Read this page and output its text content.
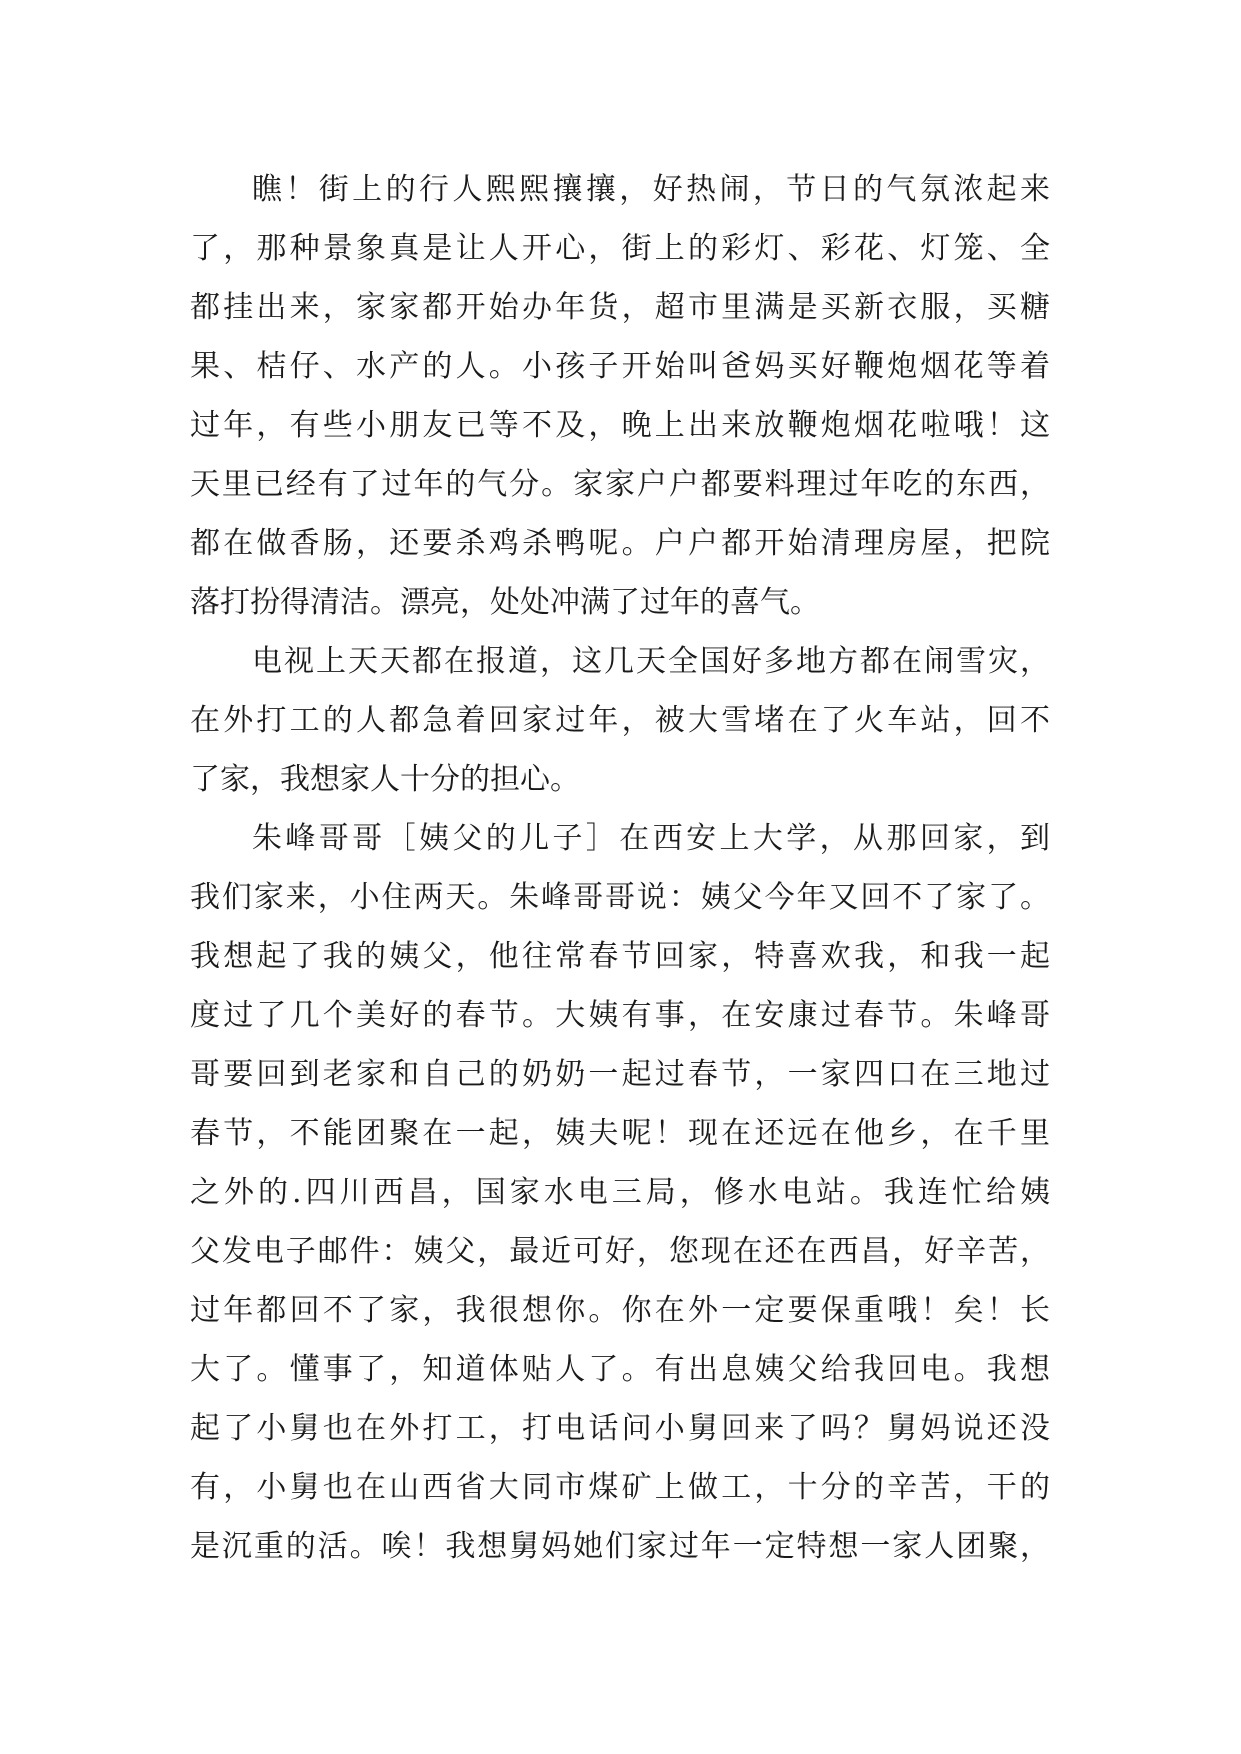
瞧！街上的行人熙熙攘攘，好热闹，节日的气氛浓起来
了，那种景象真是让人开心，街上的彩灯、彩花、灯笼、全
都挂出来，家家都开始办年货，超市里满是买新衣服，买糖
果、桔仔、水产的人。小孩子开始叫爸妈买好鞭炮烟花等着
过年，有些小朋友已等不及，晚上出来放鞭炮烟花啦哦！这
天里已经有了过年的气分。家家户户都要料理过年吃的东西，
都在做香肠，还要杀鸡杀鸭呢。户户都开始清理房屋，把院
落打扮得清洁。漂亮，处处冲满了过年的喜气。
电视上天天都在报道，这几天全国好多地方都在闹雪灾，
在外打工的人都急着回家过年，被大雪堵在了火车站，回不
了家，我想家人十分的担心。
朱峰哥哥［姨父的儿子］在西安上大学，从那回家，到
我们家来，小住两天。朱峰哥哥说：姨父今年又回不了家了。
我想起了我的姨父，他往常春节回家，特喜欢我，和我一起
度过了几个美好的春节。大姨有事，在安康过春节。朱峰哥
哥要回到老家和自己的奶奶一起过春节，一家四口在三地过
春节，不能团聚在一起，姨夫呢！现在还远在他乡，在千里
之外的.四川西昌，国家水电三局，修水电站。我连忙给姨
父发电子邮件：姨父，最近可好，您现在还在西昌，好辛苦，
过年都回不了家，我很想你。你在外一定要保重哦！矣！长
大了。懂事了，知道体贴人了。有出息姨父给我回电。我想
起了小舅也在外打工，打电话问小舅回来了吗？舅妈说还没
有，小舅也在山西省大同市煤矿上做工，十分的辛苦，干的
是沉重的活。唉！我想舅妈她们家过年一定特想一家人团聚，
